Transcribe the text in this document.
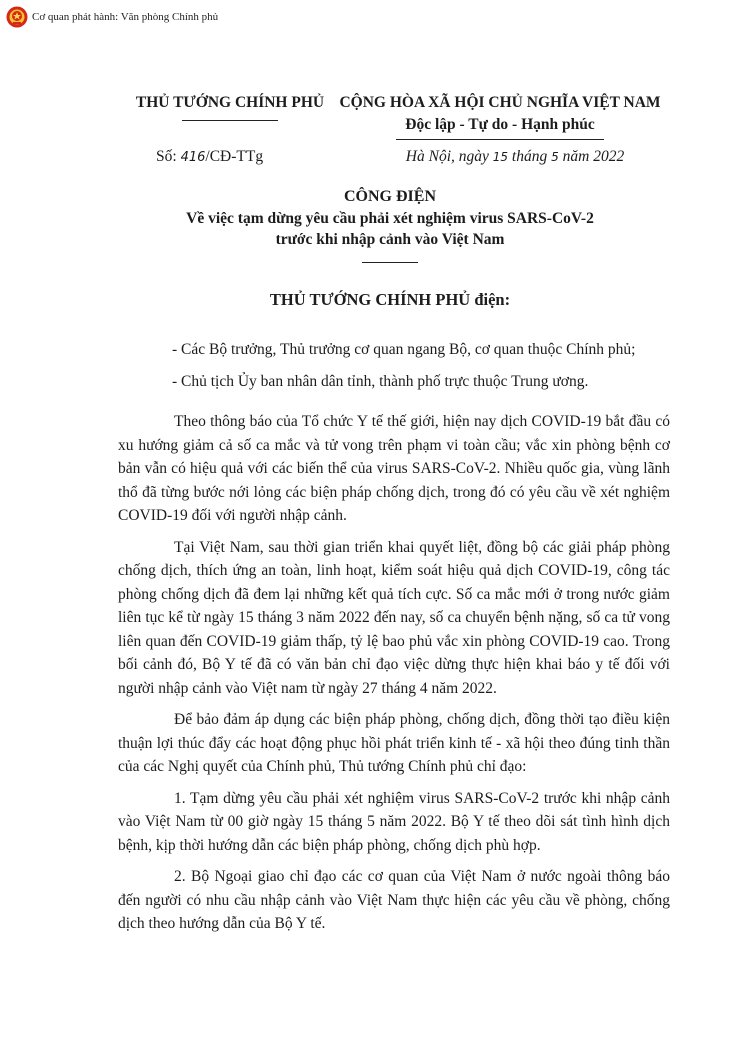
Cơ quan phát hành: Văn phòng Chính phủ
THỦ TƯỚNG CHÍNH PHỦ CỘNG HÒA XÃ HỘI CHỦ NGHĨA VIỆT NAM
Độc lập - Tự do - Hạnh phúc
Số: 416/CĐ-TTg	Hà Nội, ngày 15 tháng 5 năm 2022
CÔNG ĐIỆN
Về việc tạm dừng yêu cầu phải xét nghiệm virus SARS-CoV-2
trước khi nhập cảnh vào Việt Nam
THỦ TƯỚNG CHÍNH PHỦ điện:
- Các Bộ trưởng, Thủ trưởng cơ quan ngang Bộ, cơ quan thuộc Chính phủ;
- Chủ tịch Ủy ban nhân dân tỉnh, thành phố trực thuộc Trung ương.

Theo thông báo của Tổ chức Y tế thế giới, hiện nay dịch COVID-19 bắt đầu có xu hướng giảm cả số ca mắc và tử vong trên phạm vi toàn cầu; vắc xin phòng bệnh cơ bản vẫn có hiệu quả với các biến thể của virus SARS-CoV-2. Nhiều quốc gia, vùng lãnh thổ đã từng bước nới lỏng các biện pháp chống dịch, trong đó có yêu cầu về xét nghiệm COVID-19 đối với người nhập cảnh.

Tại Việt Nam, sau thời gian triển khai quyết liệt, đồng bộ các giải pháp phòng chống dịch, thích ứng an toàn, linh hoạt, kiểm soát hiệu quả dịch COVID-19, công tác phòng chống dịch đã đem lại những kết quả tích cực. Số ca mắc mới ở trong nước giảm liên tục kể từ ngày 15 tháng 3 năm 2022 đến nay, số ca chuyển bệnh nặng, số ca tử vong liên quan đến COVID-19 giảm thấp, tỷ lệ bao phủ vắc xin phòng COVID-19 cao. Trong bối cảnh đó, Bộ Y tế đã có văn bản chỉ đạo việc dừng thực hiện khai báo y tế đối với người nhập cảnh vào Việt nam từ ngày 27 tháng 4 năm 2022.

Để bảo đảm áp dụng các biện pháp phòng, chống dịch, đồng thời tạo điều kiện thuận lợi thúc đẩy các hoạt động phục hồi phát triển kinh tế - xã hội theo đúng tinh thần của các Nghị quyết của Chính phủ, Thủ tướng Chính phủ chỉ đạo:

1. Tạm dừng yêu cầu phải xét nghiệm virus SARS-CoV-2 trước khi nhập cảnh vào Việt Nam từ 00 giờ ngày 15 tháng 5 năm 2022. Bộ Y tế theo dõi sát tình hình dịch bệnh, kịp thời hướng dẫn các biện pháp phòng, chống dịch phù hợp.

2. Bộ Ngoại giao chỉ đạo các cơ quan của Việt Nam ở nước ngoài thông báo đến người có nhu cầu nhập cảnh vào Việt Nam thực hiện các yêu cầu về phòng, chống dịch theo hướng dẫn của Bộ Y tế.
